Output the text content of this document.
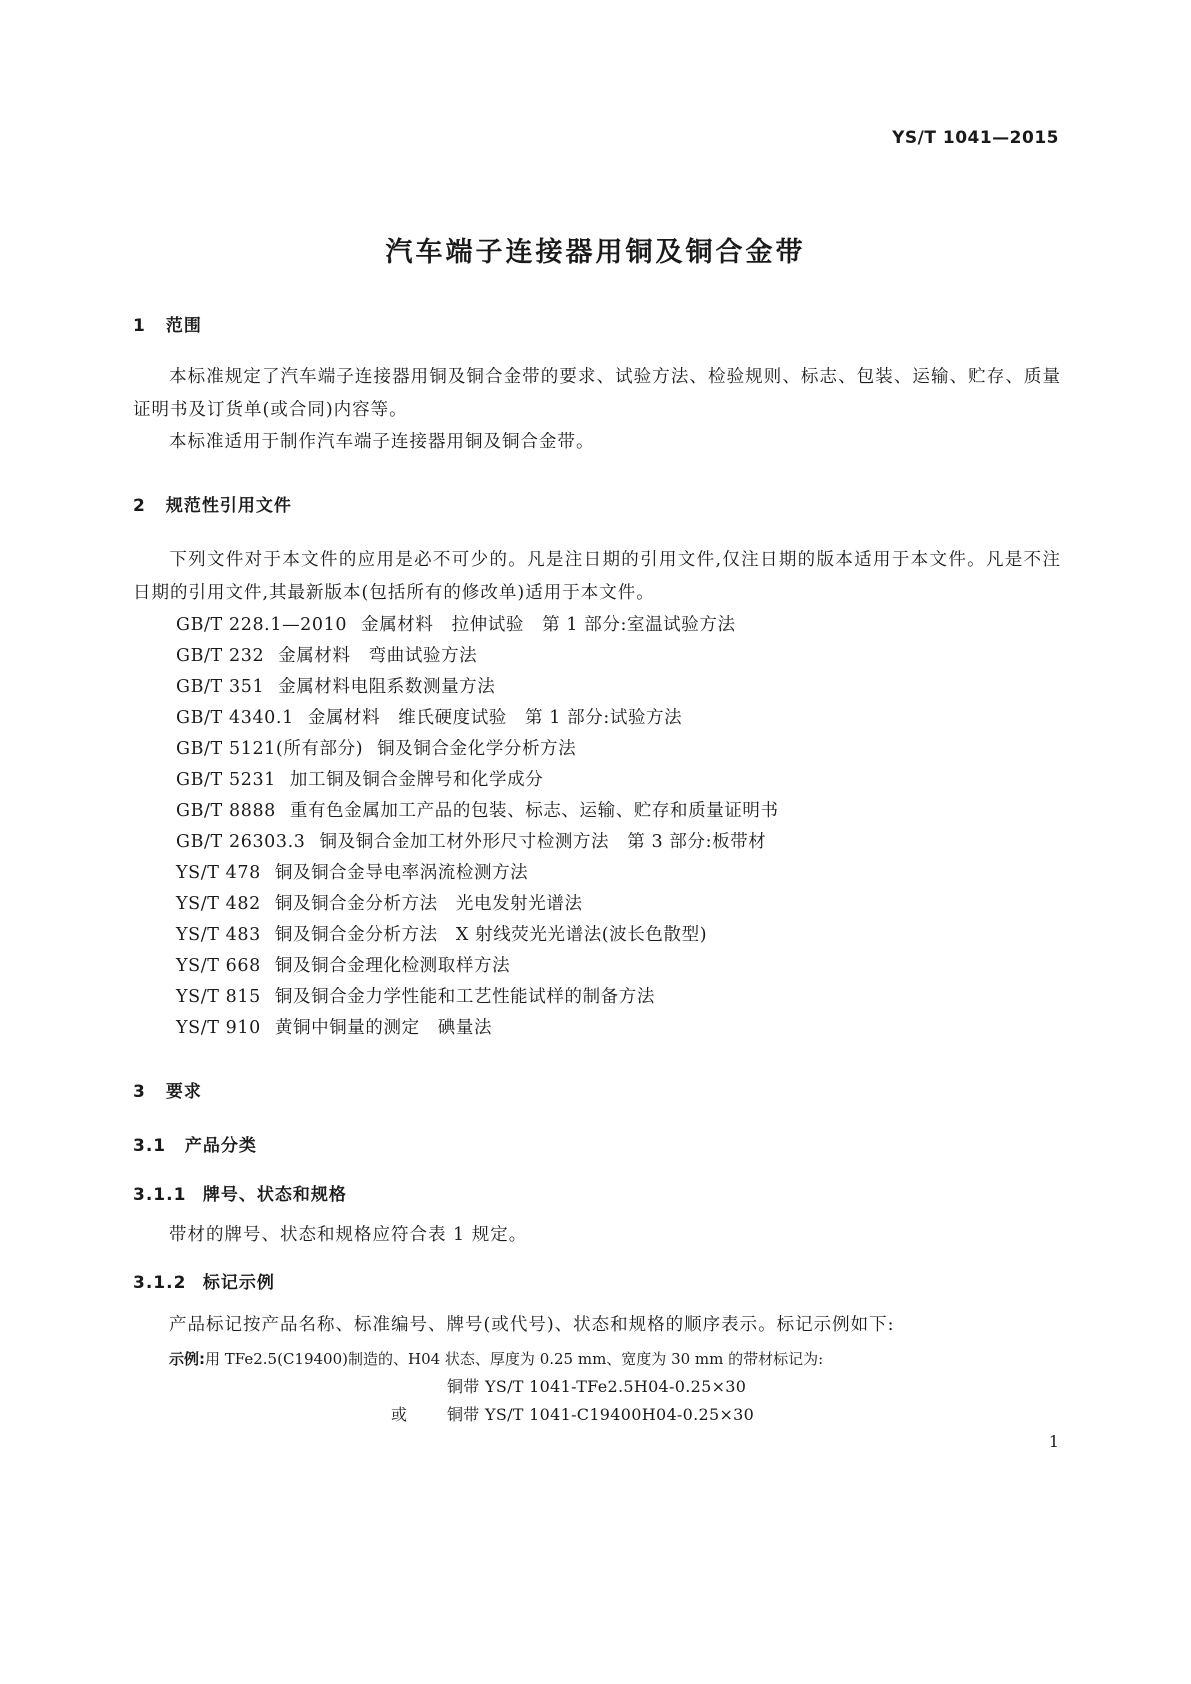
YS/T 1041—2015
汽车端子连接器用铜及铜合金带
1 范围
本标准规定了汽车端子连接器用铜及铜合金带的要求、试验方法、检验规则、标志、包装、运输、贮存、质量证明书及订货单(或合同)内容等。
本标准适用于制作汽车端子连接器用铜及铜合金带。
2 规范性引用文件
下列文件对于本文件的应用是必不可少的。凡是注日期的引用文件,仅注日期的版本适用于本文件。凡是不注日期的引用文件,其最新版本(包括所有的修改单)适用于本文件。
GB/T 228.1—2010 金属材料　拉伸试验　第 1 部分:室温试验方法
GB/T 232 金属材料　弯曲试验方法
GB/T 351 金属材料电阻系数测量方法
GB/T 4340.1 金属材料　维氏硬度试验　第 1 部分:试验方法
GB/T 5121(所有部分) 铜及铜合金化学分析方法
GB/T 5231 加工铜及铜合金牌号和化学成分
GB/T 8888 重有色金属加工产品的包装、标志、运输、贮存和质量证明书
GB/T 26303.3 铜及铜合金加工材外形尺寸检测方法　第 3 部分:板带材
YS/T 478 铜及铜合金导电率涡流检测方法
YS/T 482 铜及铜合金分析方法　光电发射光谱法
YS/T 483 铜及铜合金分析方法　X 射线荧光光谱法(波长色散型)
YS/T 668 铜及铜合金理化检测取样方法
YS/T 815 铜及铜合金力学性能和工艺性能试样的制备方法
YS/T 910 黄铜中铜量的测定　碘量法
3 要求
3.1 产品分类
3.1.1 牌号、状态和规格
带材的牌号、状态和规格应符合表 1 规定。
3.1.2 标记示例
产品标记按产品名称、标准编号、牌号(或代号)、状态和规格的顺序表示。标记示例如下:
示例:用 TFe2.5(C19400)制造的、H04 状态、厚度为 0.25 mm、宽度为 30 mm 的带材标记为:
铜带 YS/T 1041-TFe2.5H04-0.25×30
或 铜带 YS/T 1041-C19400H04-0.25×30
1
